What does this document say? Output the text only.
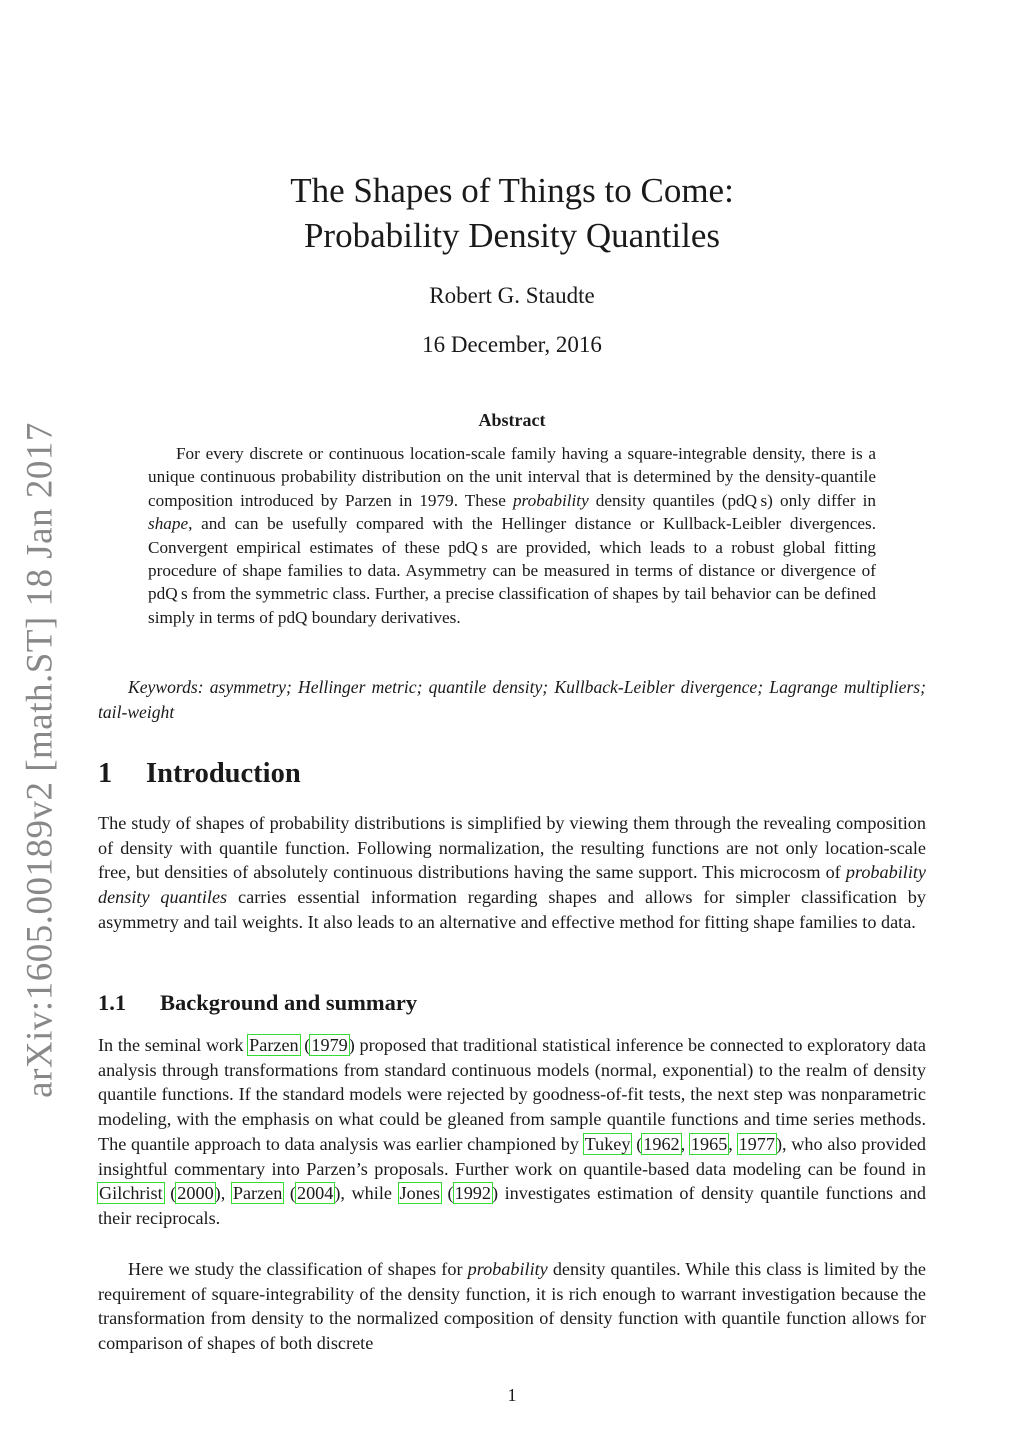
arXiv:1605.00189v2 [math.ST] 18 Jan 2017
The Shapes of Things to Come:
Probability Density Quantiles
Robert G. Staudte
16 December, 2016
Abstract
For every discrete or continuous location-scale family having a square-integrable density, there is a unique continuous probability distribution on the unit interval that is determined by the density-quantile composition introduced by Parzen in 1979. These probability density quantiles (pdQ s) only differ in shape, and can be usefully compared with the Hellinger distance or Kullback-Leibler divergences. Convergent empirical estimates of these pdQ s are provided, which leads to a robust global fitting procedure of shape families to data. Asymmetry can be measured in terms of distance or divergence of pdQ s from the symmetric class. Further, a precise classification of shapes by tail behavior can be defined simply in terms of pdQ boundary derivatives.
Keywords: asymmetry; Hellinger metric; quantile density; Kullback-Leibler divergence; Lagrange multipliers; tail-weight
1 Introduction
The study of shapes of probability distributions is simplified by viewing them through the revealing composition of density with quantile function. Following normalization, the resulting functions are not only location-scale free, but densities of absolutely continuous distributions having the same support. This microcosm of probability density quantiles carries essential information regarding shapes and allows for simpler classification by asymmetry and tail weights. It also leads to an alternative and effective method for fitting shape families to data.
1.1 Background and summary
In the seminal work Parzen (1979) proposed that traditional statistical inference be connected to exploratory data analysis through transformations from standard continuous models (normal, exponential) to the realm of density quantile functions. If the standard models were rejected by goodness-of-fit tests, the next step was nonparametric modeling, with the emphasis on what could be gleaned from sample quantile functions and time series methods. The quantile approach to data analysis was earlier championed by Tukey (1962, 1965, 1977), who also provided insightful commentary into Parzen’s proposals. Further work on quantile-based data modeling can be found in Gilchrist (2000), Parzen (2004), while Jones (1992) investigates estimation of density quantile functions and their reciprocals.
Here we study the classification of shapes for probability density quantiles. While this class is limited by the requirement of square-integrability of the density function, it is rich enough to warrant investigation because the transformation from density to the normalized composition of density function with quantile function allows for comparison of shapes of both discrete
1
